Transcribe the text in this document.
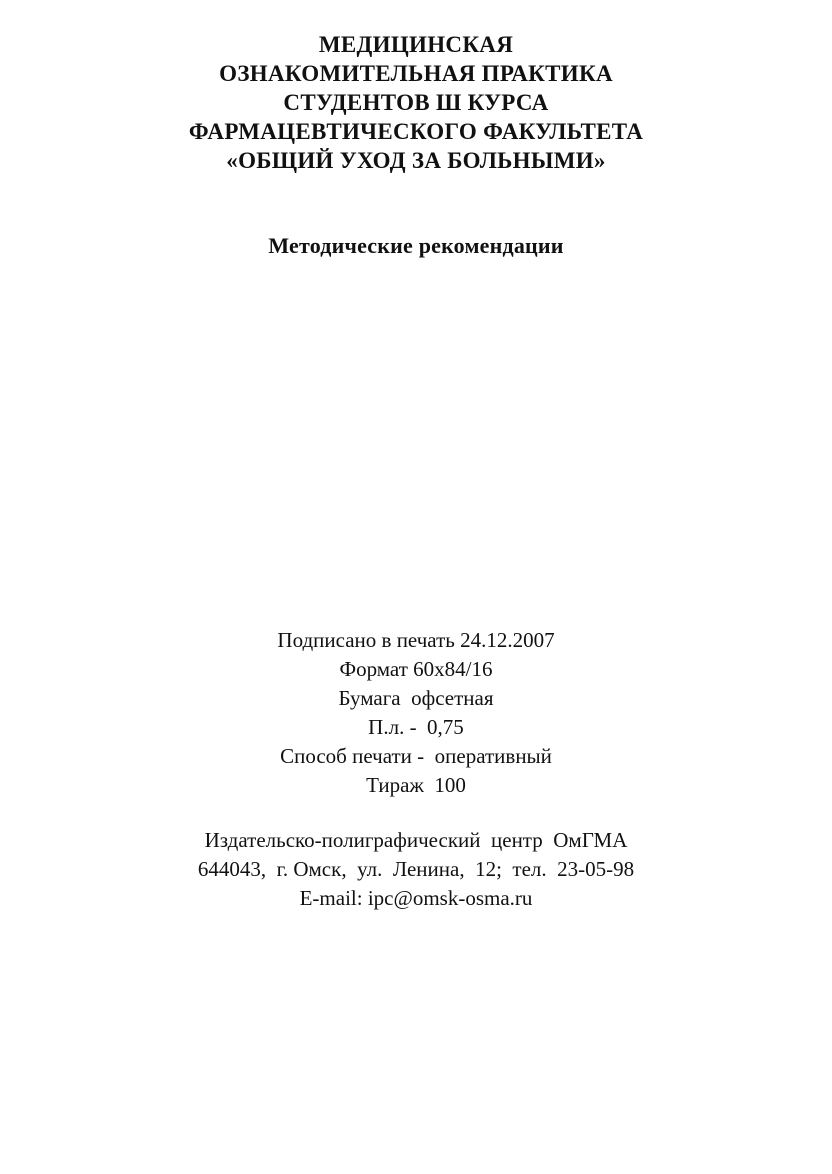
МЕДИЦИНСКАЯ
ОЗНАКОМИТЕЛЬНАЯ ПРАКТИКА
СТУДЕНТОВ Ш КУРСА
ФАРМАЦЕВТИЧЕСКОГО ФАКУЛЬТЕТА
«ОБЩИЙ УХОД ЗА БОЛЬНЫМИ»
Методические рекомендации
Подписано в печать 24.12.2007
Формат 60х84/16
Бумага  офсетная
П.л. -  0,75
Способ печати -  оперативный
Тираж  100
Издательско-полиграфический  центр  ОмГМА
644043,  г. Омск,  ул.  Ленина,  12;  тел.  23-05-98
E-mail: ipc@omsk-osma.ru
